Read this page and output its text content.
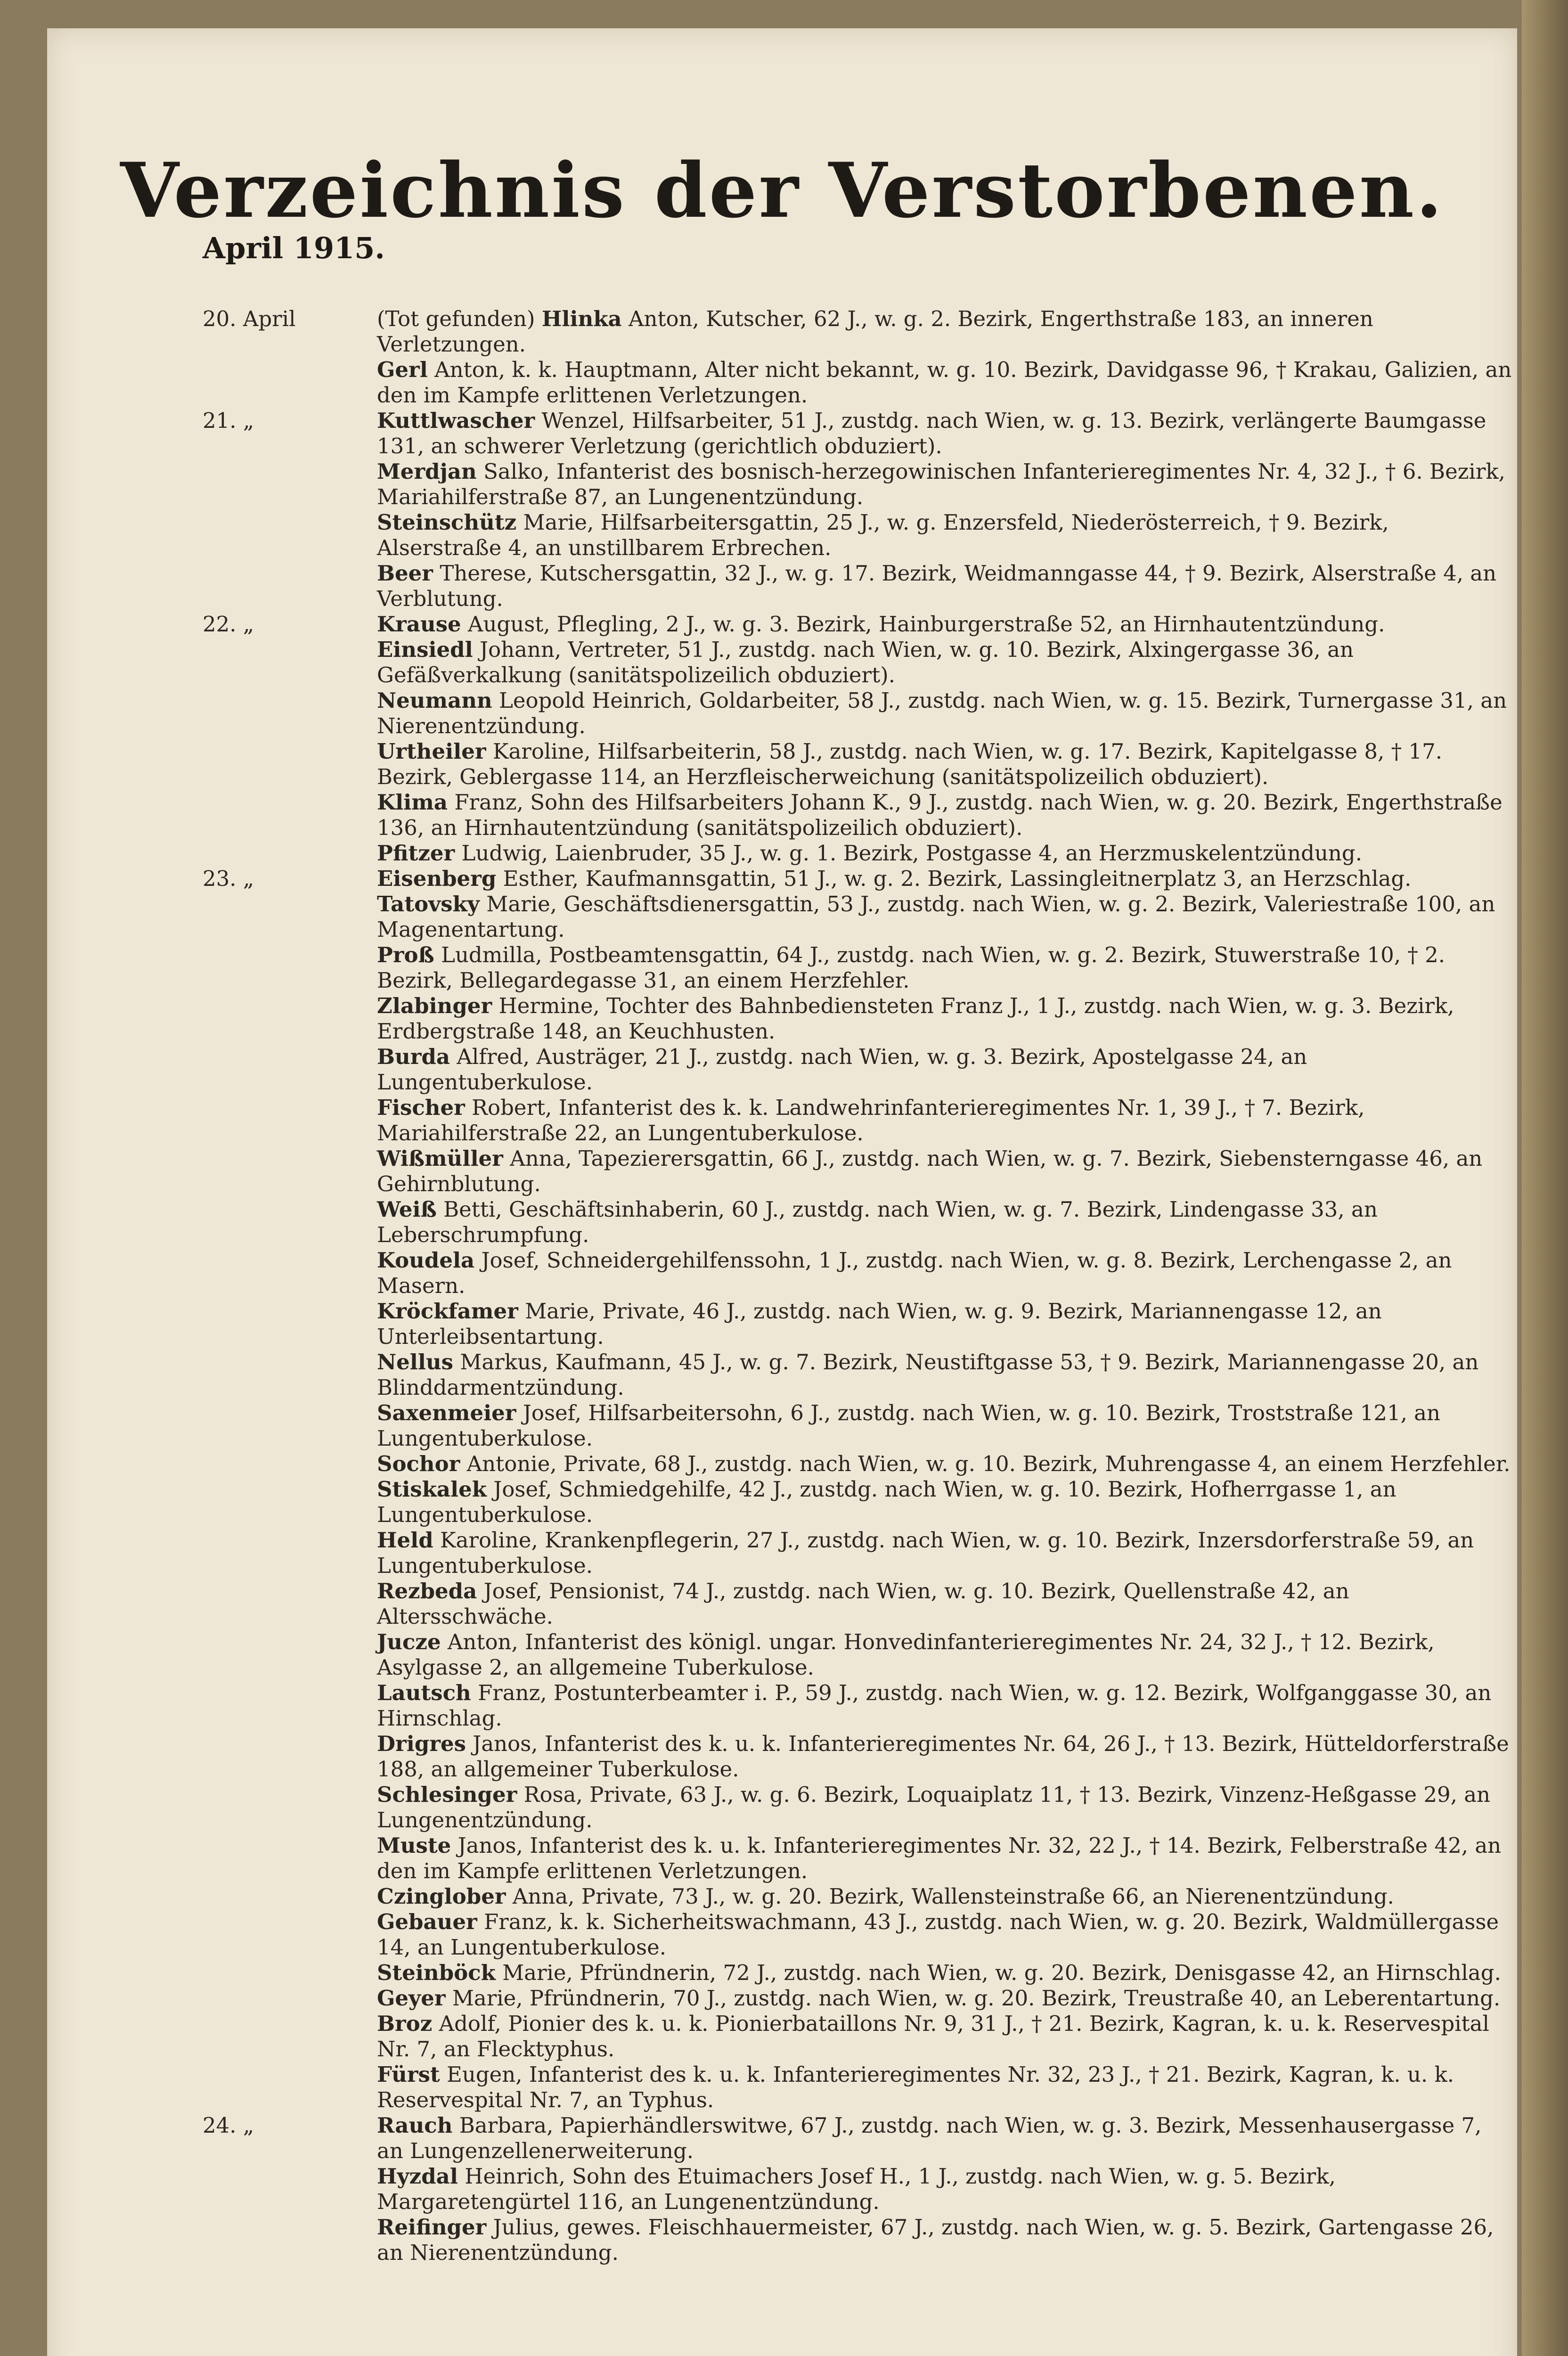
Verzeichnis der Verstorbenen.
April 1915.

20. April	(Tot gefunden) Hlinka Anton, Kutscher, 62 J., w. g. 2. Bezirk, Engerthstraße 183, an inneren Verletzungen.

Gerl Anton, k. k. Hauptmann, Alter nicht bekannt, w. g. 10. Bezirk, Davidgasse 96, † Krakau, Galizien, an den im Kampfe erlittenen Verletzungen.

21. „	Kuttlwascher Wenzel, Hilfsarbeiter, 51 J., zustdg. nach Wien, w. g. 13. Bezirk, verlängerte Baumgasse 131, an schwerer Verletzung (gerichtlich obduziert).

Merdjan Salko, Infanterist des bosnisch-herzegowinischen Infanterieregimentes Nr. 4, 32 J., † 6. Bezirk, Mariahilferstraße 87, an Lungenentzündung.

Steinschütz Marie, Hilfsarbeitersgattin, 25 J., w. g. Enzersfeld, Niederösterreich, † 9. Bezirk, Alserstraße 4, an unstillbarem Erbrechen.

Beer Therese, Kutschersgattin, 32 J., w. g. 17. Bezirk, Weidmanngasse 44, † 9. Bezirk, Alserstraße 4, an Verblutung.

22. „	Krause August, Pflegling, 2 J., w. g. 3. Bezirk, Hainburgerstraße 52, an Hirnhautentzündung.

Einsiedl Johann, Vertreter, 51 J., zustdg. nach Wien, w. g. 10. Bezirk, Alxingergasse 36, an Gefäßverkalkung (sanitätspolizeilich obduziert).

Neumann Leopold Heinrich, Goldarbeiter, 58 J., zustdg. nach Wien, w. g. 15. Bezirk, Turnergasse 31, an Nierenentzündung.

Urtheiler Karoline, Hilfsarbeiterin, 58 J., zustdg. nach Wien, w. g. 17. Bezirk, Kapitelgasse 8, † 17. Bezirk, Geblergasse 114, an Herzfleischerweichung (sanitätspolizeilich obduziert).

Klima Franz, Sohn des Hilfsarbeiters Johann K., 9 J., zustdg. nach Wien, w. g. 20. Bezirk, Engerthstraße 136, an Hirnhautentzündung (sanitätspolizeilich obduziert).

Pfitzer Ludwig, Laienbruder, 35 J., w. g. 1. Bezirk, Postgasse 4, an Herzmuskelentzündung.

23. „	Eisenberg Esther, Kaufmannsgattin, 51 J., w. g. 2. Bezirk, Lassingleitnerplatz 3, an Herzschlag.

Tatovsky Marie, Geschäftsdienersgattin, 53 J., zustdg. nach Wien, w. g. 2. Bezirk, Valeriestraße 100, an Magenentartung.

Proß Ludmilla, Postbeamtensgattin, 64 J., zustdg. nach Wien, w. g. 2. Bezirk, Stuwerstraße 10, † 2. Bezirk, Bellegardegasse 31, an einem Herzfehler.

Zlabinger Hermine, Tochter des Bahnbediensteten Franz J., 1 J., zustdg. nach Wien, w. g. 3. Bezirk, Erdbergstraße 148, an Keuchhusten.

Burda Alfred, Austräger, 21 J., zustdg. nach Wien, w. g. 3. Bezirk, Apostelgasse 24, an Lungentuberkulose.

Fischer Robert, Infanterist des k. k. Landwehrinfanterieregimentes Nr. 1, 39 J., † 7. Bezirk, Mariahilferstraße 22, an Lungentuberkulose.

Wißmüller Anna, Tapezierersgattin, 66 J., zustdg. nach Wien, w. g. 7. Bezirk, Siebensterngasse 46, an Gehirnblutung.

Weiß Betti, Geschäftsinhaberin, 60 J., zustdg. nach Wien, w. g. 7. Bezirk, Lindengasse 33, an Leberschrumpfung.

Koudela Josef, Schneidergehilfenssohn, 1 J., zustdg. nach Wien, w. g. 8. Bezirk, Lerchengasse 2, an Masern.

Kröckfamer Marie, Private, 46 J., zustdg. nach Wien, w. g. 9. Bezirk, Mariannengasse 12, an Unterleibsentartung.

Nellus Markus, Kaufmann, 45 J., w. g. 7. Bezirk, Neustiftgasse 53, † 9. Bezirk, Mariannengasse 20, an Blinddarmentzündung.

Saxenmeier Josef, Hilfsarbeitersohn, 6 J., zustdg. nach Wien, w. g. 10. Bezirk, Troststraße 121, an Lungentuberkulose.

Sochor Antonie, Private, 68 J., zustdg. nach Wien, w. g. 10. Bezirk, Muhrengasse 4, an einem Herzfehler.

Stiskalek Josef, Schmiedgehilfe, 42 J., zustdg. nach Wien, w. g. 10. Bezirk, Hofherrgasse 1, an Lungentuberkulose.

Held Karoline, Krankenpflegerin, 27 J., zustdg. nach Wien, w. g. 10. Bezirk, Inzersdorferstraße 59, an Lungentuberkulose.

Rezbeda Josef, Pensionist, 74 J., zustdg. nach Wien, w. g. 10. Bezirk, Quellenstraße 42, an Altersschwäche.

Jucze Anton, Infanterist des königl. ungar. Honvedinfanterieregimentes Nr. 24, 32 J., † 12. Bezirk, Asylgasse 2, an allgemeine Tuberkulose.

Lautsch Franz, Postunterbeamter i. P., 59 J., zustdg. nach Wien, w. g. 12. Bezirk, Wolfganggasse 30, an Hirnschlag.

Drigres Janos, Infanterist des k. u. k. Infanterieregimentes Nr. 64, 26 J., † 13. Bezirk, Hütteldorferstraße 188, an allgemeiner Tuberkulose.

Schlesinger Rosa, Private, 63 J., w. g. 6. Bezirk, Loquaiplatz 11, † 13. Bezirk, Vinzenz-Heßgasse 29, an Lungenentzündung.

Muste Janos, Infanterist des k. u. k. Infanterieregimentes Nr. 32, 22 J., † 14. Bezirk, Felberstraße 42, an den im Kampfe erlittenen Verletzungen.

Czinglober Anna, Private, 73 J., w. g. 20. Bezirk, Wallensteinstraße 66, an Nierenentzündung.

Gebauer Franz, k. k. Sicherheitswachmann, 43 J., zustdg. nach Wien, w. g. 20. Bezirk, Waldmüllergasse 14, an Lungentuberkulose.

Steinböck Marie, Pfründnerin, 72 J., zustdg. nach Wien, w. g. 20. Bezirk, Denisgasse 42, an Hirnschlag.

Geyer Marie, Pfründnerin, 70 J., zustdg. nach Wien, w. g. 20. Bezirk, Treustraße 40, an Leberentartung.

Broz Adolf, Pionier des k. u. k. Pionierbataillons Nr. 9, 31 J., † 21. Bezirk, Kagran, k. u. k. Reservespital Nr. 7, an Flecktyphus.

Fürst Eugen, Infanterist des k. u. k. Infanterieregimentes Nr. 32, 23 J., † 21. Bezirk, Kagran, k. u. k. Reservespital Nr. 7, an Typhus.

24. „	Rauch Barbara, Papierhändlerswitwe, 67 J., zustdg. nach Wien, w. g. 3. Bezirk, Messenhausergasse 7, an Lungenzellenerweiterung.

Hyzdal Heinrich, Sohn des Etuimachers Josef H., 1 J., zustdg. nach Wien, w. g. 5. Bezirk, Margaretengürtel 116, an Lungenentzündung.

Reifinger Julius, gewes. Fleischhauermeister, 67 J., zustdg. nach Wien, w. g. 5. Bezirk, Gartengasse 26, an Nierenentzündung.
